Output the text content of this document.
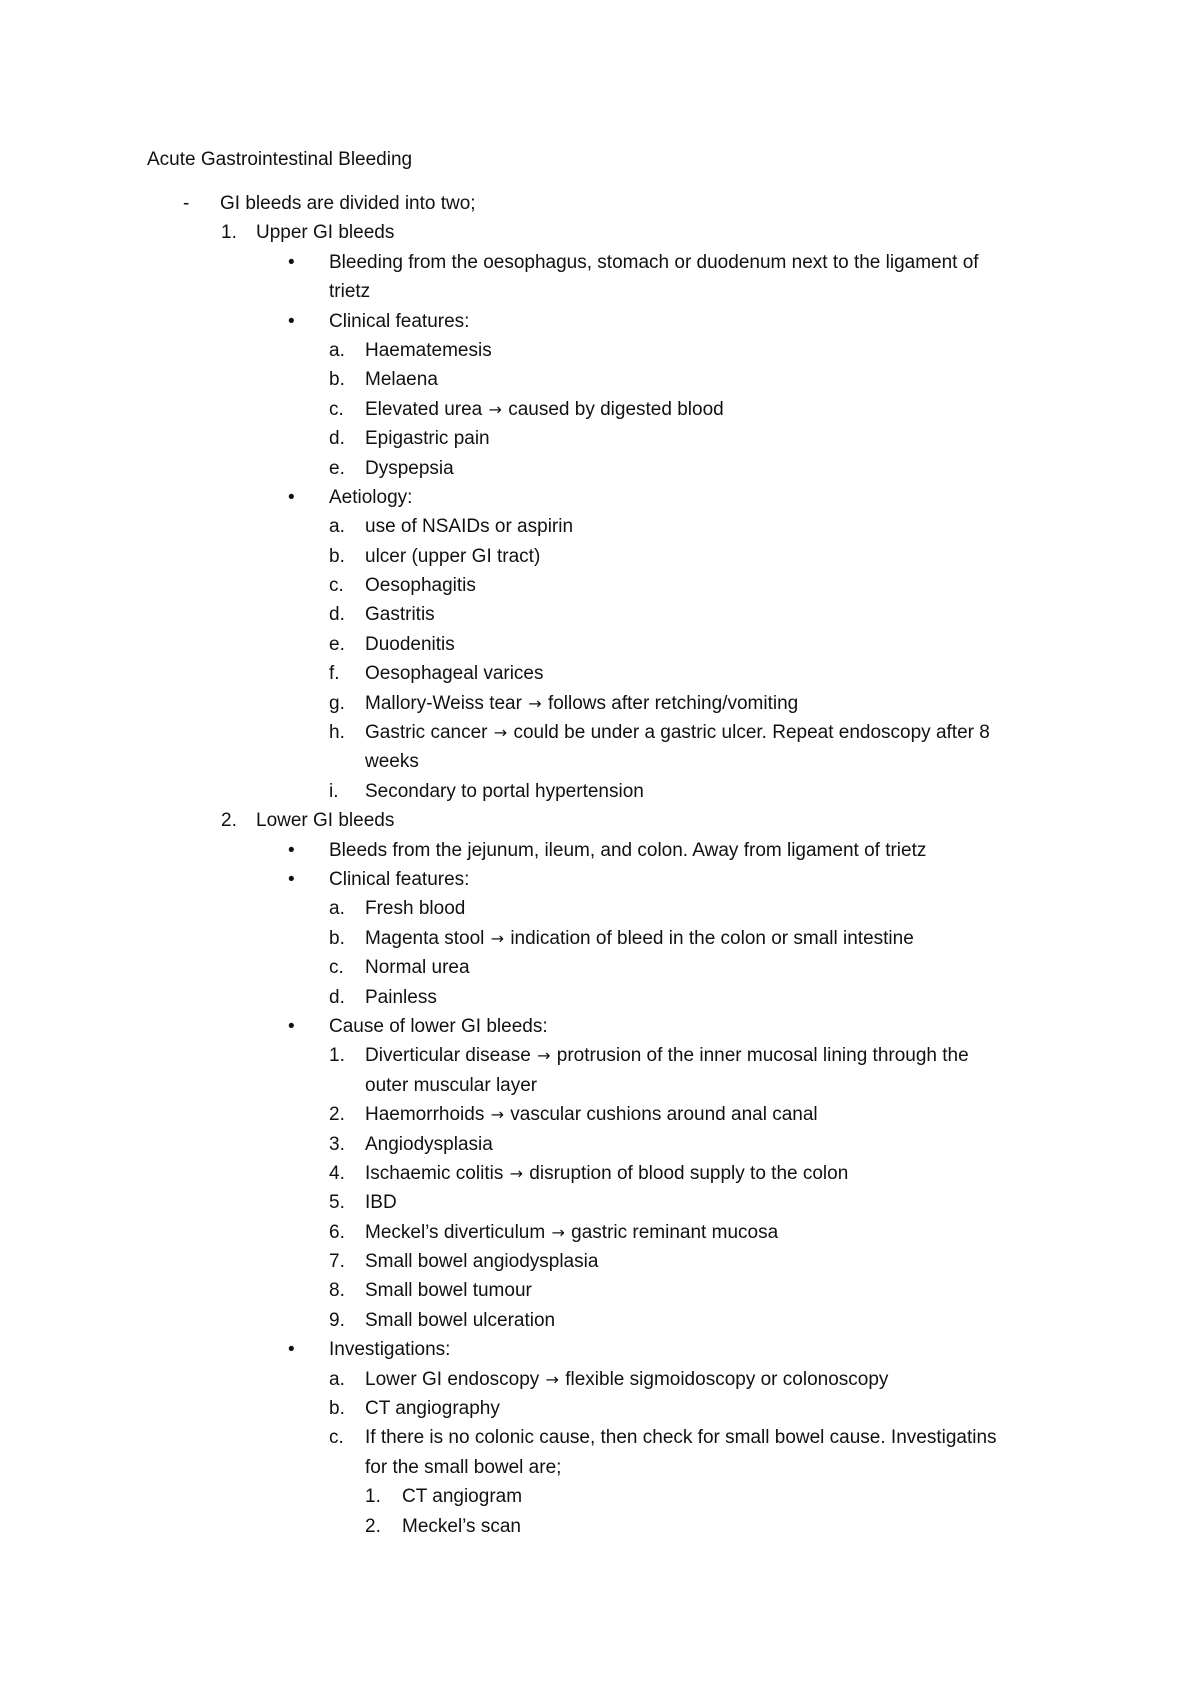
Acute Gastrointestinal Bleeding
- GI bleeds are divided into two;
1. Upper GI bleeds
• Bleeding from the oesophagus, stomach or duodenum next to the ligament of
trietz
• Clinical features:
a. Haematemesis
b. Melaena
c. Elevated urea → caused by digested blood
d. Epigastric pain
e. Dyspepsia
• Aetiology:
a. use of NSAIDs or aspirin
b. ulcer (upper GI tract)
c. Oesophagitis
d. Gastritis
e. Duodenitis
f. Oesophageal varices
g. Mallory-Weiss tear → follows after retching/vomiting
h. Gastric cancer → could be under a gastric ulcer. Repeat endoscopy after 8
weeks
i. Secondary to portal hypertension
2. Lower GI bleeds
• Bleeds from the jejunum, ileum, and colon. Away from ligament of trietz
• Clinical features:
a. Fresh blood
b. Magenta stool → indication of bleed in the colon or small intestine
c. Normal urea
d. Painless
• Cause of lower GI bleeds:
1. Diverticular disease → protrusion of the inner mucosal lining through the
outer muscular layer
2. Haemorrhoids → vascular cushions around anal canal
3. Angiodysplasia
4. Ischaemic colitis → disruption of blood supply to the colon
5. IBD
6. Meckel’s diverticulum → gastric reminant mucosa
7. Small bowel angiodysplasia
8. Small bowel tumour
9. Small bowel ulceration
• Investigations:
a. Lower GI endoscopy → flexible sigmoidoscopy or colonoscopy
b. CT angiography
c. If there is no colonic cause, then check for small bowel cause. Investigatins
for the small bowel are;
1. CT angiogram
2. Meckel’s scan
